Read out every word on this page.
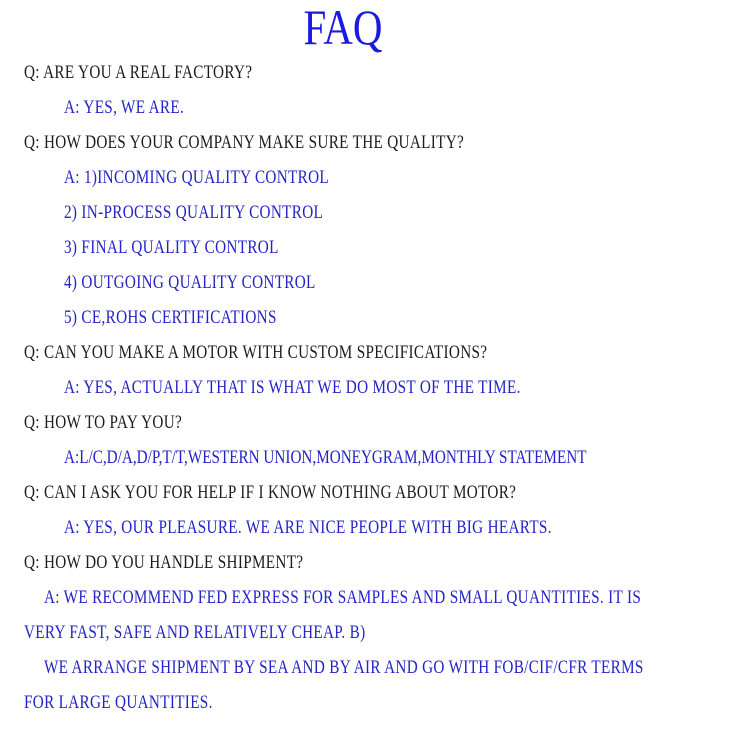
FAQ
Q: ARE YOU A REAL FACTORY?
A: YES, WE ARE.
Q: HOW DOES YOUR COMPANY MAKE SURE THE QUALITY?
A: 1)INCOMING QUALITY CONTROL
2) IN-PROCESS QUALITY CONTROL
3) FINAL QUALITY CONTROL
4) OUTGOING QUALITY CONTROL
5) CE,ROHS CERTIFICATIONS
Q: CAN YOU MAKE A MOTOR WITH CUSTOM SPECIFICATIONS?
A: YES, ACTUALLY THAT IS WHAT WE DO MOST OF THE TIME.
Q: HOW TO PAY YOU?
A:L/C,D/A,D/P,T/T,WESTERN UNION,MONEYGRAM,MONTHLY STATEMENT
Q: CAN I ASK YOU FOR HELP IF I KNOW NOTHING ABOUT MOTOR?
A: YES, OUR PLEASURE. WE ARE NICE PEOPLE WITH BIG HEARTS.
Q: HOW DO YOU HANDLE SHIPMENT?
A: WE RECOMMEND FED EXPRESS FOR SAMPLES AND SMALL QUANTITIES. IT IS
VERY FAST, SAFE AND RELATIVELY CHEAP. B)
WE ARRANGE SHIPMENT BY SEA AND BY AIR AND GO WITH FOB/CIF/CFR TERMS
FOR LARGE QUANTITIES.
